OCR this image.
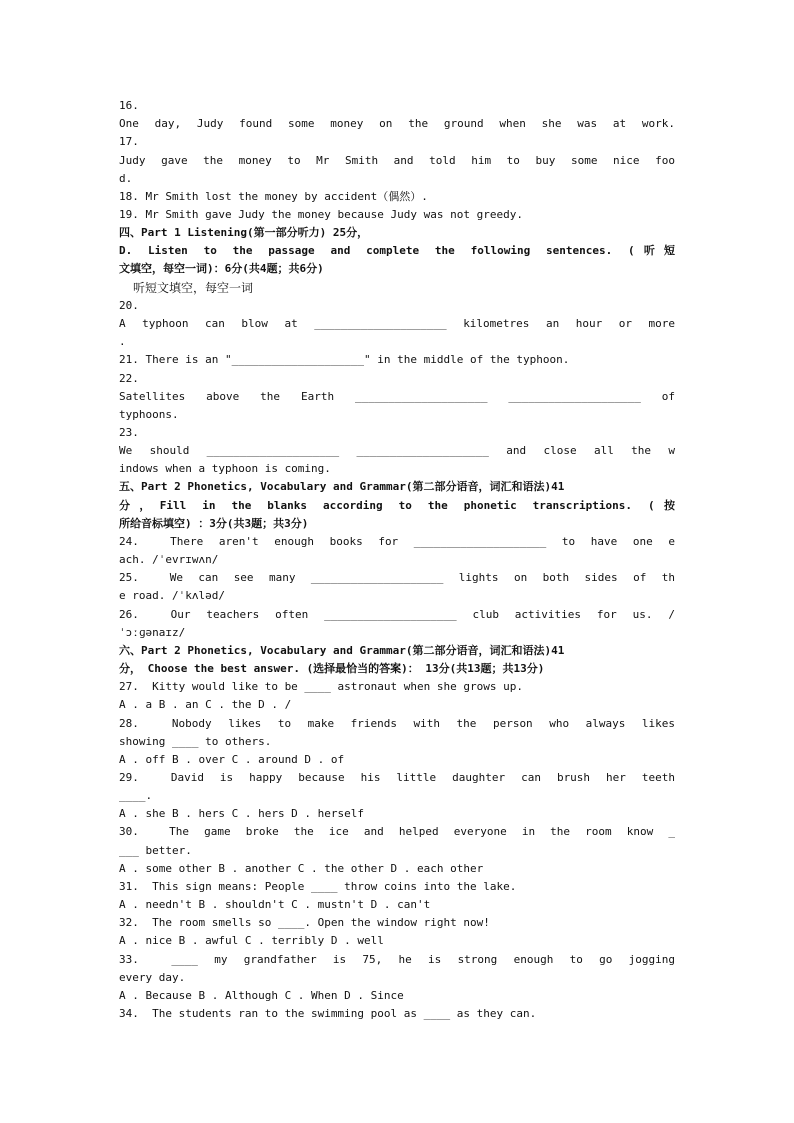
16.
One day, Judy found some money on the ground when she was at work.
17.
Judy gave the money to Mr Smith and told him to buy some nice foo
d.
18. Mr Smith lost the money by accident（偶然）.
19. Mr Smith gave Judy the money because Judy was not greedy.
四、Part 1 Listening(第一部分听力) 25分，
D. Listen to the passage and complete the following sentences. (听短
文填空，每空一词)：6分(共4题；共6分)
听短文填空，每空一词
20.
A typhoon can blow at ____________________ kilometres an hour or more
.
21. There is an "____________________" in the middle of the typhoon.
22.
Satellites above the Earth ____________________ ____________________ of
typhoons.
23.
We should ____________________ ____________________ and close all the w
indows when a typhoon is coming.
五、Part 2 Phonetics, Vocabulary and Grammar(第二部分语音，词汇和语法)41
分，Fill in the blanks according to the phonetic transcriptions. (按
所给音标填空) ：3分(共3题；共3分)
24.  There aren't enough books for ____________________ to have one e
ach. /ˈevrɪwʌn/
25.  We can see many ____________________ lights on both sides of th
e road. /ˈkʌləd/
26.  Our teachers often ____________________ club activities for us. /
ˈɔːɡənaɪz/
六、Part 2 Phonetics, Vocabulary and Grammar(第二部分语音，词汇和语法)41
分， Choose the best answer. (选择最恰当的答案)： 13分(共13题；共13分)
27.  Kitty would like to be ____ astronaut when she grows up.
A . a B . an C . the D . /
28.  Nobody likes to make friends with the person who always likes
showing ____ to others.
A . off B . over C . around D . of
29.  David is happy because his little daughter can brush her teeth
____.
A . she B . hers C . hers D . herself
30.  The game broke the ice and helped everyone in the room know _
___ better.
A . some other B . another C . the other D . each other
31.  This sign means: People ____ throw coins into the lake.
A . needn't B . shouldn't C . mustn't D . can't
32.  The room smells so ____. Open the window right now!
A . nice B . awful C . terribly D . well
33.  ____ my grandfather is 75, he is strong enough to go jogging
every day.
A . Because B . Although C . When D . Since
34.  The students ran to the swimming pool as ____ as they can.
